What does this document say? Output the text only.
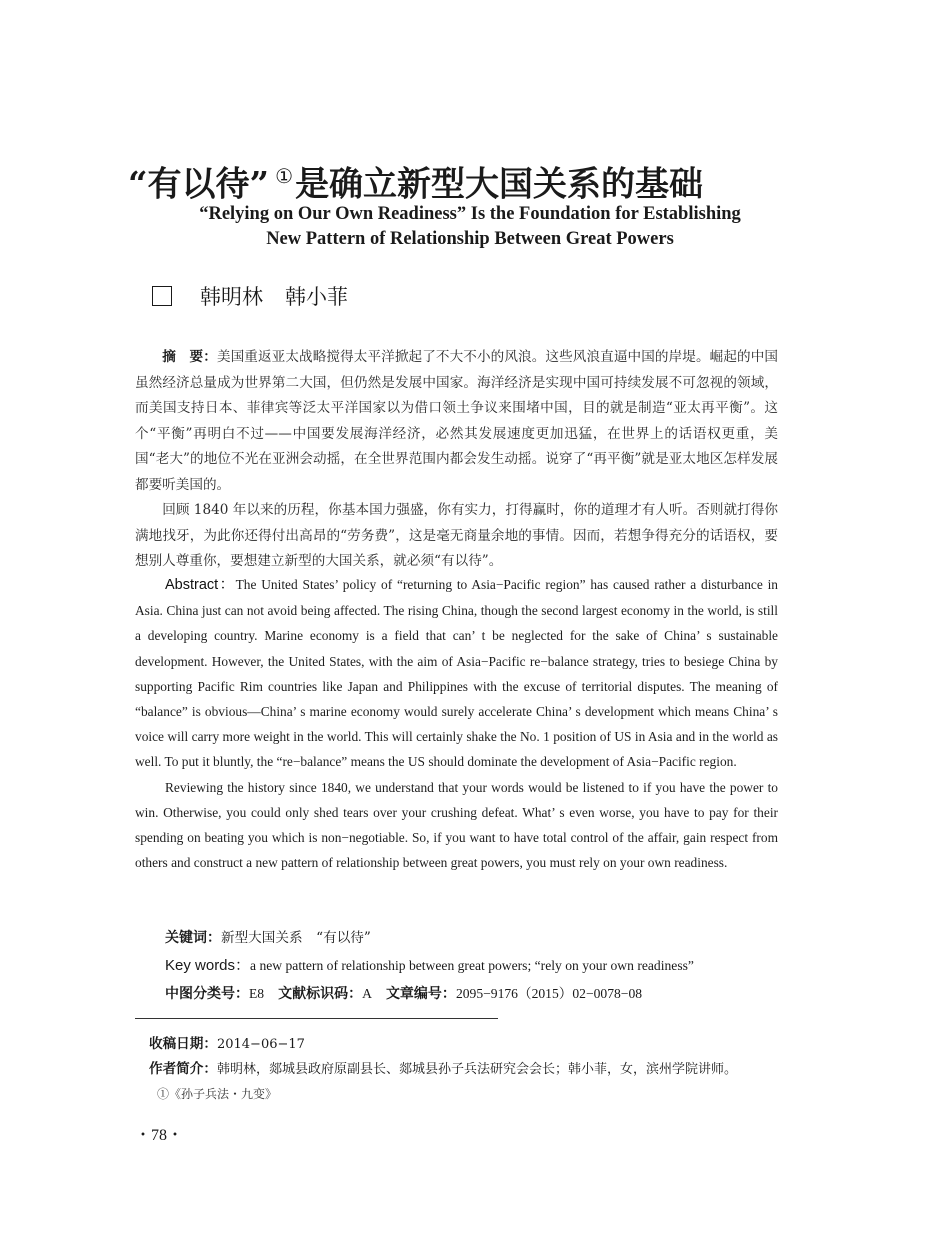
“有以待” ①是确立新型大国关系的基础
“Relying on Our Own Readiness” Is the Foundation for Establishing
New Pattern of Relationship Between Great Powers
韩明林 韩小菲

摘　要：美国重返亚太战略搅得太平洋掀起了不大不小的风浪。这些风浪直逼中国的岸堤。崛起的中国虽然经济总量成为世界第二大国，但仍然是发展中国家。海洋经济是实现中国可持续发展不可忽视的领域，而美国支持日本、菲律宾等泛太平洋国家以为借口领土争议来围堵中国，目的就是制造“亚太再平衡”。这个“平衡”再明白不过——中国要发展海洋经济，必然其发展速度更加迅猛，在世界上的话语权更重，美国“老大”的地位不光在亚洲会动摇，在全世界范围内都会发生动摇。说穿了“再平衡”就是亚太地区怎样发展都要听美国的。

回顾 1840 年以来的历程，你基本国力强盛，你有实力，打得赢时，你的道理才有人听。否则就打得你满地找牙，为此你还得付出高昂的“劳务费”，这是毫无商量余地的事情。因而，若想争得充分的话语权，要想别人尊重你，要想建立新型的大国关系，就必须“有以待”。

Abstract：The United States’ policy of “returning to Asia−Pacific region” has caused rather a disturbance in Asia. China just can not avoid being affected. The rising China, though the second largest economy in the world, is still a developing country. Marine economy is a field that can’ t be neglected for the sake of China’ s sustainable development. However, the United States, with the aim of Asia−Pacific re−balance strategy, tries to besiege China by supporting Pacific Rim countries like Japan and Philippines with the excuse of territorial disputes. The meaning of “balance” is obvious—China’ s marine economy would surely accelerate China’ s development which means China’ s voice will carry more weight in the world. This will certainly shake the No. 1 position of US in Asia and in the world as well. To put it bluntly, the “re−balance” means the US should dominate the development of Asia−Pacific region.

Reviewing the history since 1840, we understand that your words would be listened to if you have the power to win. Otherwise, you could only shed tears over your crushing defeat. What’ s even worse, you have to pay for their spending on beating you which is non−negotiable. So, if you want to have total control of the affair, gain respect from others and construct a new pattern of relationship between great powers, you must rely on your own readiness.

关键词：新型大国关系　“有以待”
Key words：a new pattern of relationship between great powers; “rely on your own readiness”
中图分类号：E8 文献标识码：A 文章编号：2095−9176（2015）02−0078−08
收稿日期：2014−06−17
作者简介：韩明林，郯城县政府原副县长、郯城县孙子兵法研究会会长；韩小菲，女，滨州学院讲师。
①《孙子兵法・九变》
・78・
